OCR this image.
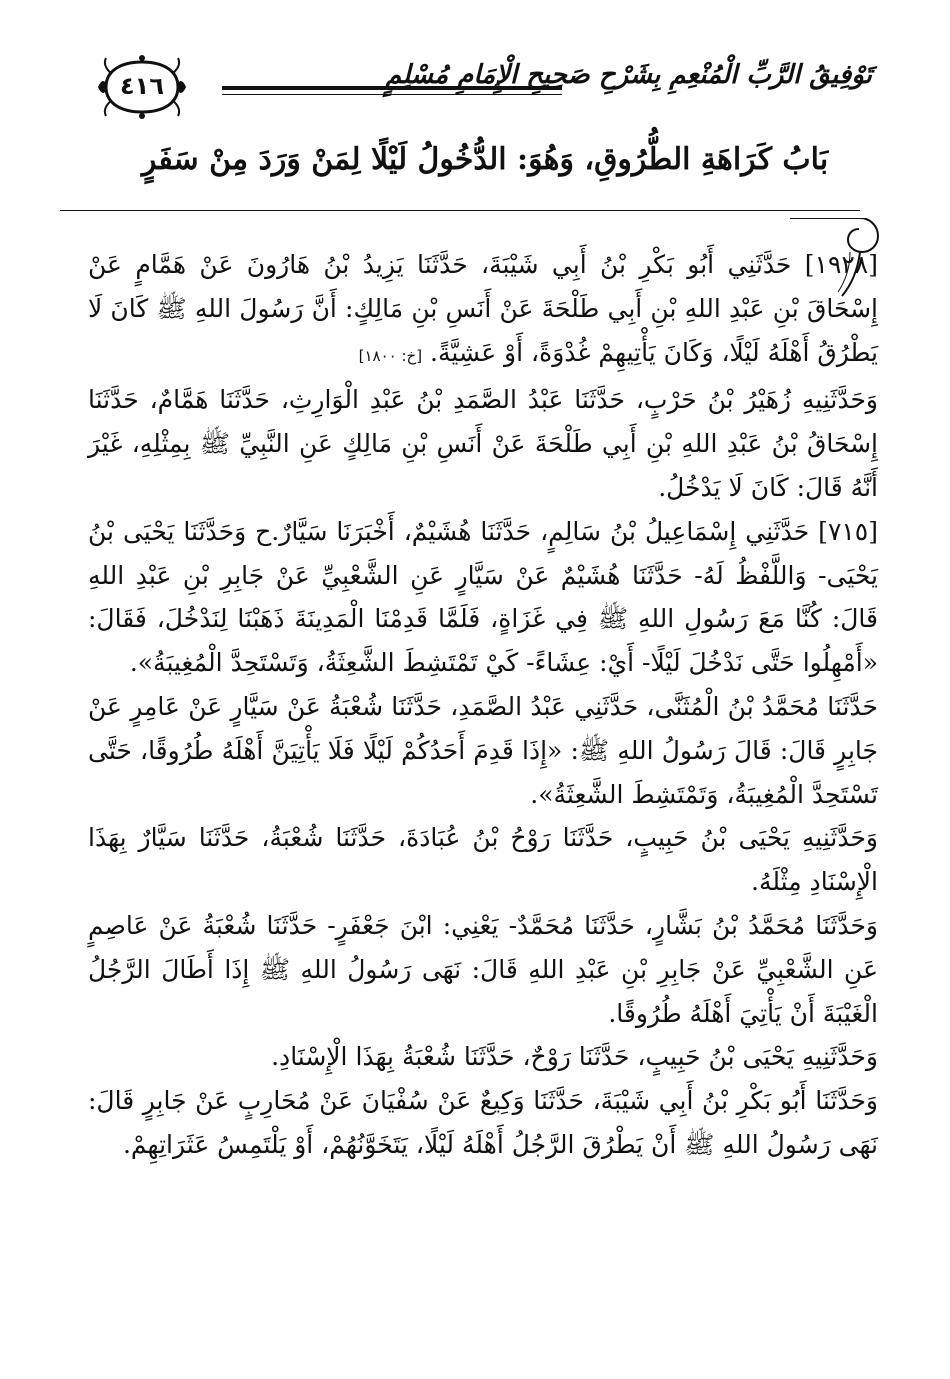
تَوْفِيقُ الرَّبِّ الْمُنْعِمِ بِشَرْحِ صَحِيحِ الْإِمَامِ مُسْلِمٍ
٤١٦
بَابُ كَرَاهَةِ الطُّرُوقِ، وَهُوَ: الدُّخُولُ لَيْلًا لِمَنْ وَرَدَ مِنْ سَفَرٍ

[١٩٢٨] حَدَّثَنِي أَبُو بَكْرِ بْنُ أَبِي شَيْبَةَ، حَدَّثَنَا يَزِيدُ بْنُ هَارُونَ عَنْ هَمَّامٍ عَنْ إِسْحَاقَ بْنِ عَبْدِ اللهِ بْنِ أَبِي طَلْحَةَ عَنْ أَنَسِ بْنِ مَالِكٍ: أَنَّ رَسُولَ اللهِ ﷺ كَانَ لَا يَطْرُقُ أَهْلَهُ لَيْلًا، وَكَانَ يَأْتِيهِمْ غُدْوَةً، أَوْ عَشِيَّةً. [خ: ١٨٠٠]

وَحَدَّثَنِيهِ زُهَيْرُ بْنُ حَرْبٍ، حَدَّثَنَا عَبْدُ الصَّمَدِ بْنُ عَبْدِ الْوَارِثِ، حَدَّثَنَا هَمَّامٌ، حَدَّثَنَا إِسْحَاقُ بْنُ عَبْدِ اللهِ بْنِ أَبِي طَلْحَةَ عَنْ أَنَسِ بْنِ مَالِكٍ عَنِ النَّبِيِّ ﷺ بِمِثْلِهِ، غَيْرَ أَنَّهُ قَالَ: كَانَ لَا يَدْخُلُ.

[٧١٥] حَدَّثَنِي إِسْمَاعِيلُ بْنُ سَالِمٍ، حَدَّثَنَا هُشَيْمٌ، أَخْبَرَنَا سَيَّارٌ.ح وَحَدَّثَنَا يَحْيَى بْنُ يَحْيَى- وَاللَّفْظُ لَهُ- حَدَّثَنَا هُشَيْمٌ عَنْ سَيَّارٍ عَنِ الشَّعْبِيِّ عَنْ جَابِرِ بْنِ عَبْدِ اللهِ قَالَ: كُنَّا مَعَ رَسُولِ اللهِ ﷺ فِي غَزَاةٍ، فَلَمَّا قَدِمْنَا الْمَدِينَةَ ذَهَبْنَا لِنَدْخُلَ، فَقَالَ: «أَمْهِلُوا حَتَّى نَدْخُلَ لَيْلًا- أَيْ: عِشَاءً- كَيْ تَمْتَشِطَ الشَّعِثَةُ، وَتَسْتَحِدَّ الْمُغِيبَةُ».

حَدَّثَنَا مُحَمَّدُ بْنُ الْمُثَنَّى، حَدَّثَنِي عَبْدُ الصَّمَدِ، حَدَّثَنَا شُعْبَةُ عَنْ سَيَّارٍ عَنْ عَامِرٍ عَنْ جَابِرٍ قَالَ: قَالَ رَسُولُ اللهِ ﷺ: «إِذَا قَدِمَ أَحَدُكُمْ لَيْلًا فَلَا يَأْتِيَنَّ أَهْلَهُ طُرُوقًا، حَتَّى تَسْتَحِدَّ الْمُغِيبَةُ، وَتَمْتَشِطَ الشَّعِثَةُ».

وَحَدَّثَنِيهِ يَحْيَى بْنُ حَبِيبٍ، حَدَّثَنَا رَوْحُ بْنُ عُبَادَةَ، حَدَّثَنَا شُعْبَةُ، حَدَّثَنَا سَيَّارٌ بِهَذَا الْإِسْنَادِ مِثْلَهُ.

وَحَدَّثَنَا مُحَمَّدُ بْنُ بَشَّارٍ، حَدَّثَنَا مُحَمَّدٌ- يَعْنِي: ابْنَ جَعْفَرٍ- حَدَّثَنَا شُعْبَةُ عَنْ عَاصِمٍ عَنِ الشَّعْبِيِّ عَنْ جَابِرِ بْنِ عَبْدِ اللهِ قَالَ: نَهَى رَسُولُ اللهِ ﷺ إِذَا أَطَالَ الرَّجُلُ الْغَيْبَةَ أَنْ يَأْتِيَ أَهْلَهُ طُرُوقًا.

وَحَدَّثَنِيهِ يَحْيَى بْنُ حَبِيبٍ، حَدَّثَنَا رَوْحٌ، حَدَّثَنَا شُعْبَةُ بِهَذَا الْإِسْنَادِ.

وَحَدَّثَنَا أَبُو بَكْرِ بْنُ أَبِي شَيْبَةَ، حَدَّثَنَا وَكِيعٌ عَنْ سُفْيَانَ عَنْ مُحَارِبٍ عَنْ جَابِرٍ قَالَ: نَهَى رَسُولُ اللهِ ﷺ أَنْ يَطْرُقَ الرَّجُلُ أَهْلَهُ لَيْلًا، يَتَخَوَّنُهُمْ، أَوْ يَلْتَمِسُ عَثَرَاتِهِمْ.
